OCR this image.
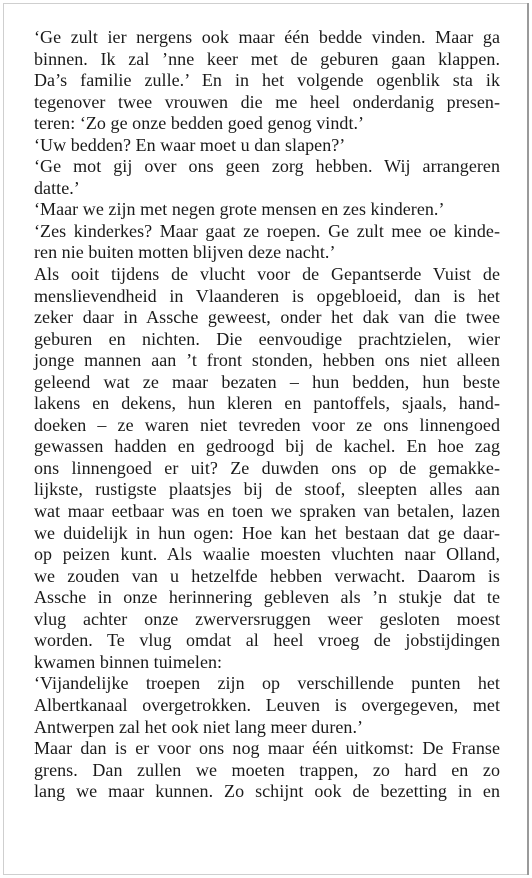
‘Ge zult ier nergens ook maar één bedde vinden. Maar ga
binnen. Ik zal ’nne keer met de geburen gaan klappen.
Da’s familie zulle.’ En in het volgende ogenblik sta ik
tegenover twee vrouwen die me heel onderdanig presen-
teren: ‘Zo ge onze bedden goed genog vindt.’
‘Uw bedden? En waar moet u dan slapen?’
‘Ge mot gij over ons geen zorg hebben. Wij arrangeren
datte.’
‘Maar we zijn met negen grote mensen en zes kinderen.’
‘Zes kinderkes? Maar gaat ze roepen. Ge zult mee oe kinde-
ren nie buiten motten blijven deze nacht.’
Als ooit tijdens de vlucht voor de Gepantserde Vuist de
menslievendheid in Vlaanderen is opgebloeid, dan is het
zeker daar in Assche geweest, onder het dak van die twee
geburen en nichten. Die eenvoudige prachtzielen, wier
jonge mannen aan ’t front stonden, hebben ons niet alleen
geleend wat ze maar bezaten – hun bedden, hun beste
lakens en dekens, hun kleren en pantoffels, sjaals, hand-
doeken – ze waren niet tevreden voor ze ons linnengoed
gewassen hadden en gedroogd bij de kachel. En hoe zag
ons linnengoed er uit? Ze duwden ons op de gemakke-
lijkste, rustigste plaatsjes bij de stoof, sleepten alles aan
wat maar eetbaar was en toen we spraken van betalen, lazen
we duidelijk in hun ogen: Hoe kan het bestaan dat ge daar-
op peizen kunt. Als waalie moesten vluchten naar Olland,
we zouden van u hetzelfde hebben verwacht. Daarom is
Assche in onze herinnering gebleven als ’n stukje dat te
vlug achter onze zwerversruggen weer gesloten moest
worden. Te vlug omdat al heel vroeg de jobstijdingen
kwamen binnen tuimelen:
‘Vijandelijke troepen zijn op verschillende punten het
Albertkanaal overgetrokken. Leuven is overgegeven, met
Antwerpen zal het ook niet lang meer duren.’
Maar dan is er voor ons nog maar één uitkomst: De Franse
grens. Dan zullen we moeten trappen, zo hard en zo
lang we maar kunnen. Zo schijnt ook de bezetting in en
